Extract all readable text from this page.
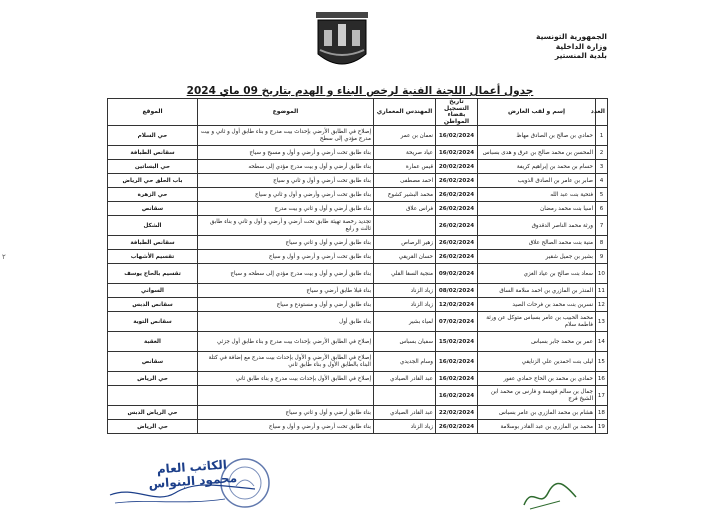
الجمهورية التونسية
وزارة الداخلية
بلدية المنستير
جدول أعمال اللجنة الفنية لرخص البناء و الهدم بتاريخ 09 ماي 2024
العدد	إسم و لقب العارض	تاريخ التسجيل بفضاء المواطن	المهندس المعماري	الموضوع	الموقع
1	حمادي بن صالح بن الصادق مهاظ	16/02/2024	نعمان بن عمر	إصلاح في الطابق الأرضي بإحداث بيت مدرج و بناء طابق أول و ثاني و بيت مدرج مؤدي إلى سطح	حي السلام
2	المحسن بن محمد صالح بن عرق و هدى بسباس	16/02/2024	عياد صريحة	بناء طابق تحت أرضي و أرضي و أول و مسبح و سياج	سقانص الطبافة
3	حسام بن محمد بن إبراهيم كريفة	20/02/2024	قيس عمارة	بناء طابق أرضي و أول و بيت مدرج مؤدي إلى سطحه	حي البساتين
4	صابر بن عامر بن الصادق الذويب	26/02/2024	احمد مصطفى	بناء طابق تحت أرضي و أول و ثاني و سياج	باب الحلق حي الرياض
5	فتحية بنت عبد الله	26/02/2024	محمد البشير كشوخ	بناء طابق تحت أرضي وأرضي و أول و ثاني و سياج	حي الزهرة
6	اسيا بنت محمد رمضان	26/02/2024	فراس علاق	بناء طابق أرضي و أول و ثاني و بيت مدرج	سقانص
7	ورثة محمد الناصر الدقدوق	26/02/2024		تجديد رخصة تهيئة طابق تحت أرضي و أرضي و أول و ثاني و بناء طابق ثالث و رابع	الشكل
8	منية بنت محمد الصالح علاق	26/02/2024	زهير الرصاص	بناء طابق أرضي و أول و ثاني و سياج	سقانص الطبافة
9	بشير بن جميل شقير	26/02/2024	حسان القريقي	بناء طابق تحت أرضي و أرضي و أول و سياج	تقسيم الأشهاب
10	سعاد بنت صالح بن عياد الغزي	09/02/2024	منجية السقا القلي	بناء طابق أرضي و أول و بيت مدرج مؤدي إلى سطحه و سياج	تقسيم بالحاج يوسف
11	المنذر بن المازري بن احمد سلامة الساق	08/02/2024	زياد الزناد	بناء قبلا طابق أرضي و سياج	السواني
12	نسرين بنت محمد بن فرحات الصيد	12/02/2024	زياد الزناد	بناء طابق أرضي و أول و مستودع و سياج	سقانص الدبس
13	محمد الحبيب بن عامر بسباس متوكل عن ورثة فاطمة سلام	07/02/2024	لمياء بشير	بناء طابق أول	سقانص التوبة
14	عمر بن محمد جابر بسباس	15/02/2024	سفيان بسباس	إصلاح في الطابق الأرضي بإحداث بيت مدرج و بناء طابق أول جزئي	العقبة
15	ليلى بنت احمدين علي الزنايقي	16/02/2024	وسام الجديدي	إصلاح في الطابق الأرضي و الأول بإحداث بيت مدرج مع إضافة في كتلة البناء بالطابق الأول و بناء طابق ثاني	سقانص
16	حمادي بن محمد بن الحاج حمادي عفور	16/02/2024	عبد القادر الصيادي	إصلاح في الطابق الأول بإحداث بيت مدرج و بناء طابق ثاني	حي الرياض
17	جمال بن سالم قويسة و فارس بن محمد ابن الشيخ فرج	16/02/2024			
18	هشام بن محمد المازري بن عامر بسباس	22/02/2024	عبد القادر الصيادي	بناء طابق أرضي و أول و ثاني و سياج	حي الرياض الدبس
19	محمد بن المازري بن عبد القادر بوسلامة	26/02/2024	زياد الزناد	بناء طابق تحت أرضي و أرضي و أول و سياج	حي الرياض
٢
الكاتب العام
محمود البنواس
